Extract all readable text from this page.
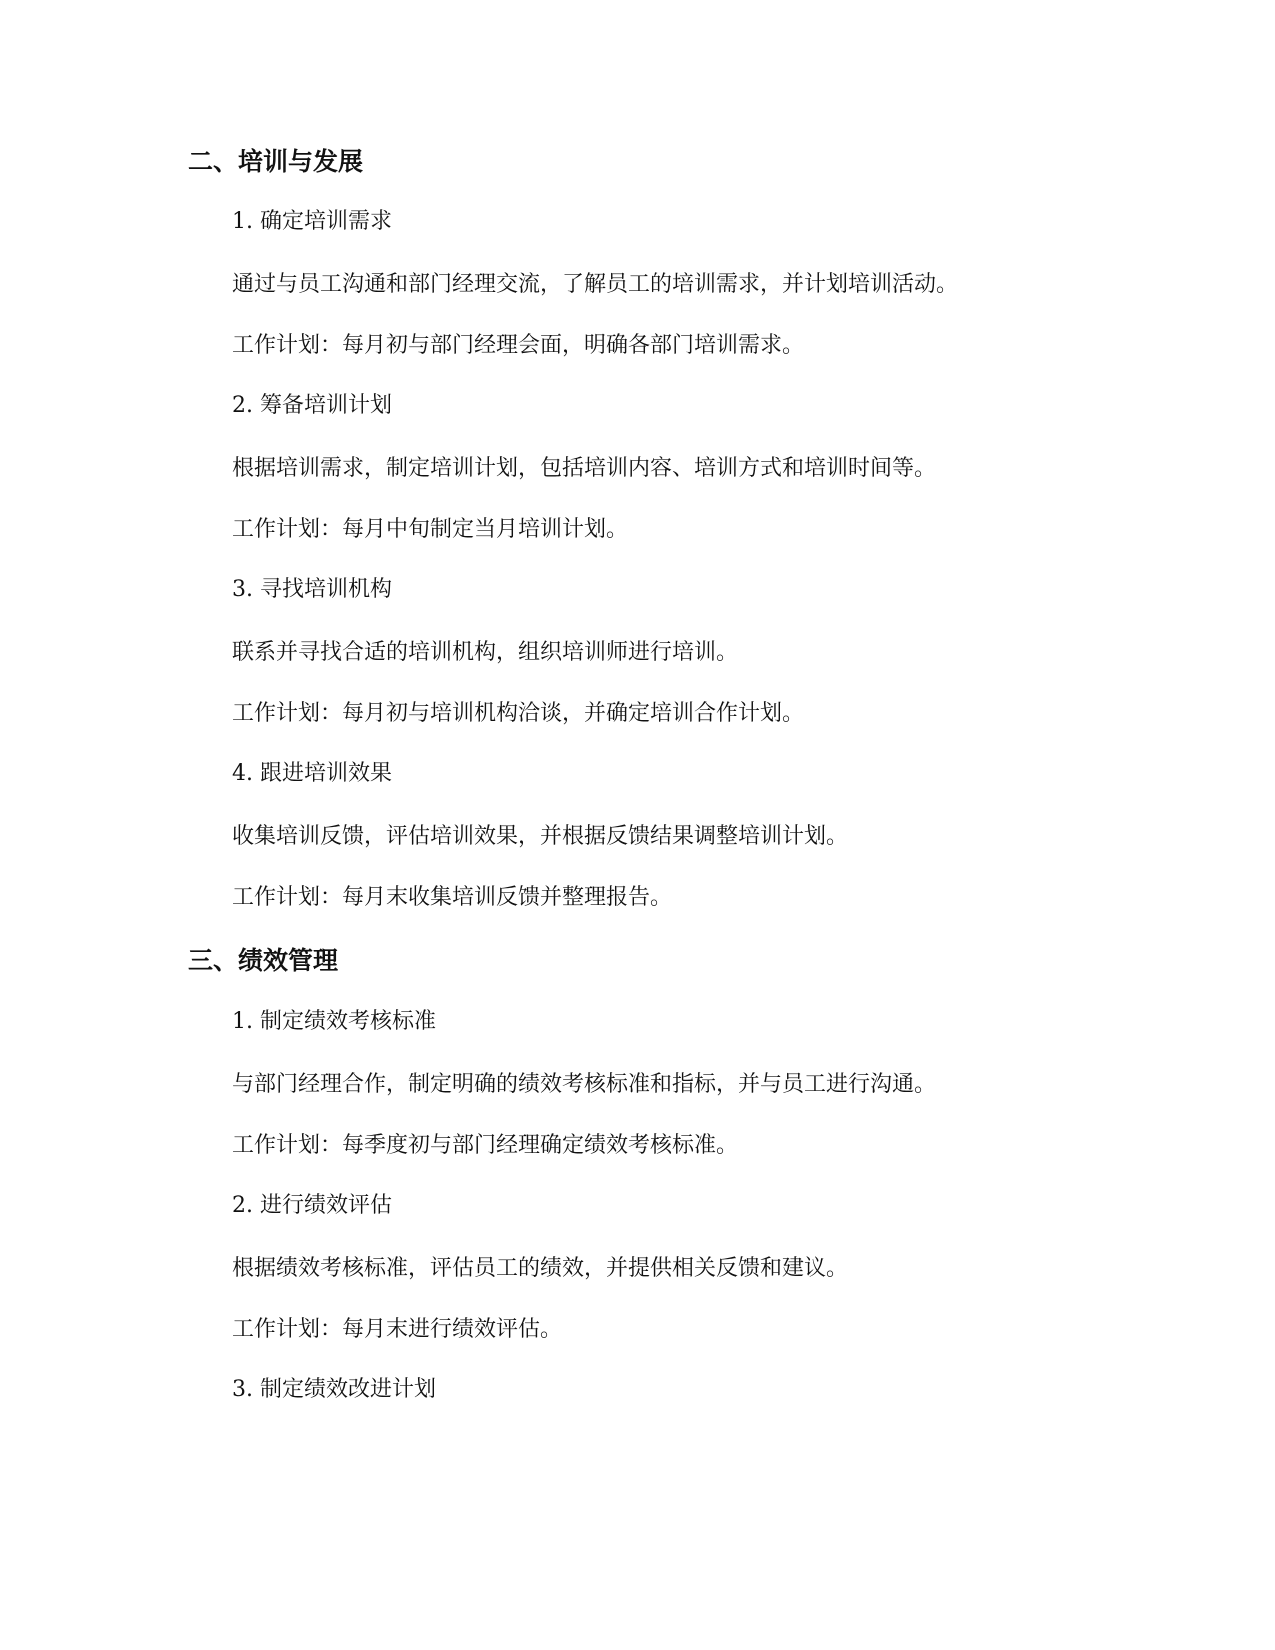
二、培训与发展

1. 确定培训需求

通过与员工沟通和部门经理交流，了解员工的培训需求，并计划培训活动。

工作计划：每月初与部门经理会面，明确各部门培训需求。

2. 筹备培训计划

根据培训需求，制定培训计划，包括培训内容、培训方式和培训时间等。

工作计划：每月中旬制定当月培训计划。

3. 寻找培训机构

联系并寻找合适的培训机构，组织培训师进行培训。

工作计划：每月初与培训机构洽谈，并确定培训合作计划。

4. 跟进培训效果

收集培训反馈，评估培训效果，并根据反馈结果调整培训计划。

工作计划：每月末收集培训反馈并整理报告。

三、绩效管理

1. 制定绩效考核标准

与部门经理合作，制定明确的绩效考核标准和指标，并与员工进行沟通。

工作计划：每季度初与部门经理确定绩效考核标准。

2. 进行绩效评估

根据绩效考核标准，评估员工的绩效，并提供相关反馈和建议。

工作计划：每月末进行绩效评估。

3. 制定绩效改进计划
